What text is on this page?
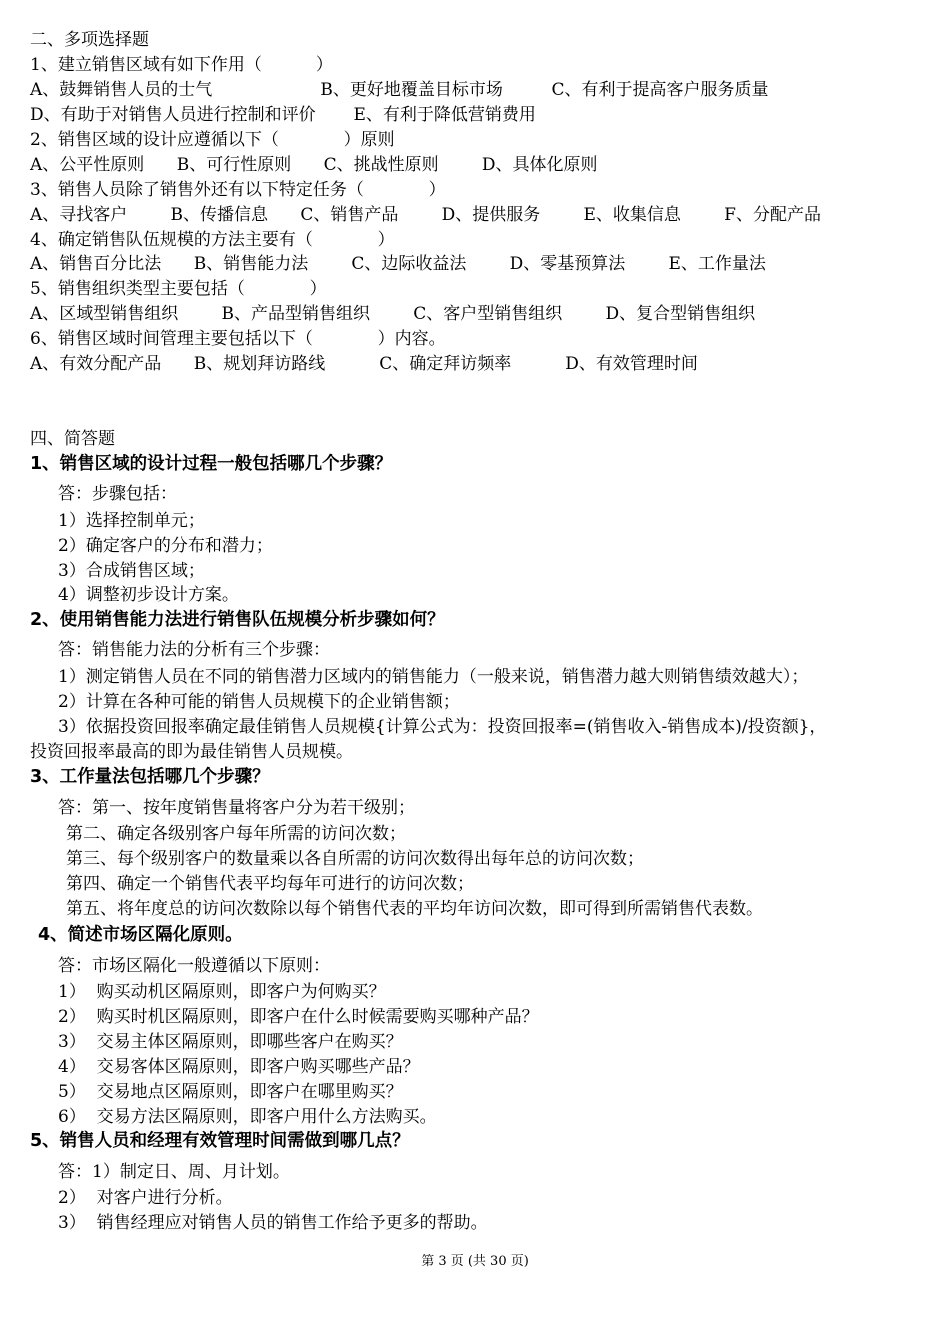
二、多项选择题
1、建立销售区域有如下作用（          ）
A、鼓舞销售人员的士气                    B、更好地覆盖目标市场         C、有利于提高客户服务质量
D、有助于对销售人员进行控制和评价       E、有利于降低营销费用
2、销售区域的设计应遵循以下（            ）原则
A、公平性原则      B、可行性原则      C、挑战性原则        D、具体化原则
3、销售人员除了销售外还有以下特定任务（            ）
A、寻找客户        B、传播信息      C、销售产品        D、提供服务        E、收集信息        F、分配产品
4、确定销售队伍规模的方法主要有（            ）
A、销售百分比法      B、销售能力法        C、边际收益法        D、零基预算法        E、工作量法
5、销售组织类型主要包括（            ）
A、区域型销售组织        B、产品型销售组织        C、客户型销售组织        D、复合型销售组织
6、销售区域时间管理主要包括以下（            ）内容。
A、有效分配产品      B、规划拜访路线          C、确定拜访频率          D、有效管理时间
四、简答题
1、销售区域的设计过程一般包括哪几个步骤？
答：步骤包括：
1）选择控制单元；
2）确定客户的分布和潜力；
3）合成销售区域；
4）调整初步设计方案。
2、使用销售能力法进行销售队伍规模分析步骤如何？
答：销售能力法的分析有三个步骤：
1）测定销售人员在不同的销售潜力区域内的销售能力（一般来说，销售潜力越大则销售绩效越大）；
2）计算在各种可能的销售人员规模下的企业销售额；
3）依据投资回报率确定最佳销售人员规模{计算公式为：投资回报率=(销售收入-销售成本)/投资额}，
投资回报率最高的即为最佳销售人员规模。
3、工作量法包括哪几个步骤？
答：第一、按年度销售量将客户分为若干级别；
第二、确定各级别客户每年所需的访问次数；
第三、每个级别客户的数量乘以各自所需的访问次数得出每年总的访问次数；
第四、确定一个销售代表平均每年可进行的访问次数；
第五、将年度总的访问次数除以每个销售代表的平均年访问次数，即可得到所需销售代表数。
4、简述市场区隔化原则。
答：市场区隔化一般遵循以下原则：
1）  购买动机区隔原则，即客户为何购买？
2）  购买时机区隔原则，即客户在什么时候需要购买哪种产品？
3）  交易主体区隔原则，即哪些客户在购买？
4）  交易客体区隔原则，即客户购买哪些产品？
5）  交易地点区隔原则，即客户在哪里购买？
6）  交易方法区隔原则，即客户用什么方法购买。
5、销售人员和经理有效管理时间需做到哪几点？
答：1）制定日、周、月计划。
2）  对客户进行分析。
3）  销售经理应对销售人员的销售工作给予更多的帮助。
第 3 页 (共 30 页)
